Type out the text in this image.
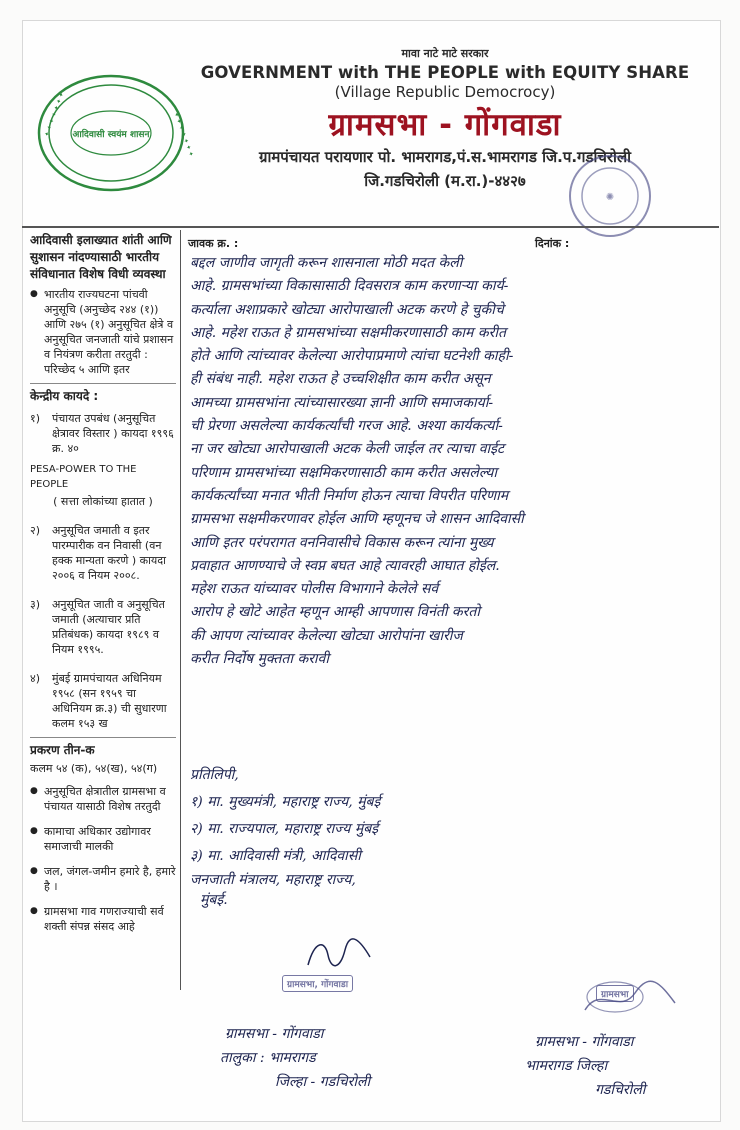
आदिवासी स्वयंम शासन
✦ ✦ ✦ ✦ ✦ ✦ ✦	✦ ✦ ✦ ✦ ✦ ✦ ✦
मावा नाटे माटे सरकार
GOVERNMENT with THE PEOPLE with EQUITY SHARE
(Village Republic Democrocy)
ग्रामसभा - गोंगवाडा
ग्रामपंचायत परायणार पो. भामरागड,पं.स.भामरागड जि.प.गडचिरोली
जि.गडचिरोली (म.रा.)-४४२७
✺
आदिवासी इलाख्यात शांती आणि सुशासन नांदण्यासाठी भारतीय संविधानात विशेष विधी व्यवस्था
● भारतीय राज्यघटना पांचवी अनुसूचि (अनुच्छेद २४४ (१)) आणि २७५ (१) अनुसूचित क्षेत्रे व अनुसूचित जनजाती यांचे प्रशासन व नियंत्रण करीता तरतुदी : परिच्छेद ५ आणि इतर
केन्द्रीय कायदे :
१)	पंचायत उपबंध (अनुसूचित क्षेत्रावर विस्तार ) कायदा १९९६ क्र. ४०
PESA-POWER TO THE PEOPLE
( सत्ता लोकांच्या हातात )
२)	अनुसूचित जमाती व इतर पारम्पारीक वन निवासी (वन हक्क मान्यता करणे ) कायदा २००६ व नियम २००८.
३)	अनुसूचित जाती व अनुसूचित जमाती (अत्याचार प्रति प्रतिबंधक) कायदा १९८९ व नियम १९९५.
४)	मुंबई ग्रामपंचायत अधिनियम १९५८ (सन १९५९ चा अधिनियम क्र.३) ची सुधारणा कलम १५३ ख
प्रकरण तीन-क
कलम ५४ (क), ५४(ख), ५४(ग)
● अनुसूचित क्षेत्रातील ग्रामसभा व पंचायत यासाठी विशेष तरतुदी
● कामाचा अधिकार उद्योगावर समाजाची मालकी
● जल, जंगल-जमीन हमारे है, हमारे है ।
● ग्रामसभा गाव गणराज्याची सर्व शक्ती संपन्न संसद आहे
जावक क्र. :	दिनांक :

बद्दल जाणीव जागृती करून शासनाला मोठी मदत केली

आहे. ग्रामसभांच्या विकासासाठी दिवसरात्र काम करणाऱ्या कार्य-

कर्त्याला अशाप्रकारे खोट्या आरोपाखाली अटक करणे हे चुकीचे

आहे. महेश राऊत हे ग्रामसभांच्या सक्षमीकरणासाठी काम करीत

होते आणि त्यांच्यावर केलेल्या आरोपाप्रमाणे त्यांचा घटनेशी काही-

ही संबंध नाही. महेश राऊत हे उच्चशिक्षीत काम करीत असून

आमच्या ग्रामसभांना त्यांच्यासारख्या ज्ञानी आणि समाजकार्या-

ची प्रेरणा असलेल्या कार्यकर्त्यांची गरज आहे. अश्या कार्यकर्त्या-

ना जर खोट्या आरोपाखाली अटक केली जाईल तर त्याचा वाईट

परिणाम ग्रामसभांच्या सक्षमिकरणासाठी काम करीत असलेल्या

कार्यकर्त्यांच्या मनात भीती निर्माण होऊन त्याचा विपरीत परिणाम

ग्रामसभा सक्षमीकरणावर होईल आणि म्हणूनच जे शासन आदिवासी

आणि इतर परंपरागत वननिवासीचे विकास करून त्यांना मुख्य

प्रवाहात आणण्याचे जे स्वप्न बघत आहे त्यावरही आघात होईल.

महेश राऊत यांच्यावर पोलीस विभागाने केलेले सर्व

आरोप हे खोटे आहेत म्हणून आम्ही आपणास विनंती करतो

की आपण त्यांच्यावर केलेल्या खोट्या आरोपांना खारीज

करीत निर्दोष मुक्तता करावी

प्रतिलिपी,

१) मा. मुख्यमंत्री, महाराष्ट्र राज्य, मुंबई

२) मा. राज्यपाल, महाराष्ट्र राज्य मुंबई

३) मा. आदिवासी मंत्री, आदिवासी

जनजाती मंत्रालय, महाराष्ट्र राज्य,

मुंबई.

ग्रामसभा, गोंगवाडा
ग्रामसभा - गोंगवाडा
तालुका : भामरागड
जिल्हा - गडचिरोली
ग्रामसभा
ग्रामसभा - गोंगवाडा
भामरागड जिल्हा
गडचिरोली
